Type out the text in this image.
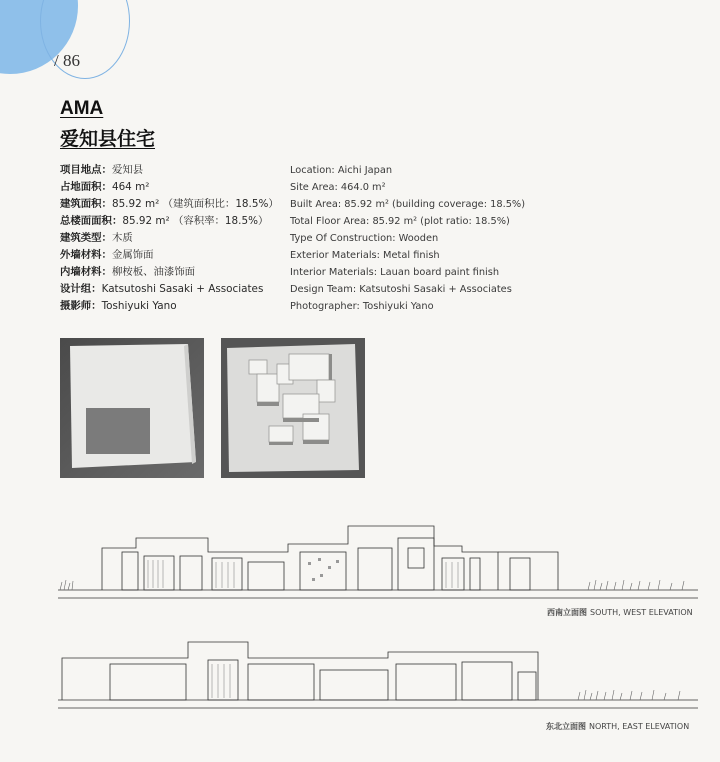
/ 86
AMA
爱知县住宅
项目地点：爱知县
占地面积：464 m²
建筑面积：85.92 m² （建筑面积比：18.5%）
总楼面面积：85.92 m² （容积率：18.5%）
建筑类型：木质
外墙材料：金属饰面
内墙材料：柳桉板、油漆饰面
设计组：Katsutoshi Sasaki + Associates
摄影师：Toshiyuki Yano
Location: Aichi Japan
Site Area: 464.0 m²
Built Area: 85.92 m² (building coverage: 18.5%)
Total Floor Area: 85.92 m² (plot ratio: 18.5%)
Type Of Construction: Wooden
Exterior Materials: Metal finish
Interior Materials: Lauan board paint finish
Design Team: Katsutoshi Sasaki + Associates
Photographer: Toshiyuki Yano
西南立面图 SOUTH, WEST ELEVATION
东北立面图 NORTH, EAST ELEVATION
